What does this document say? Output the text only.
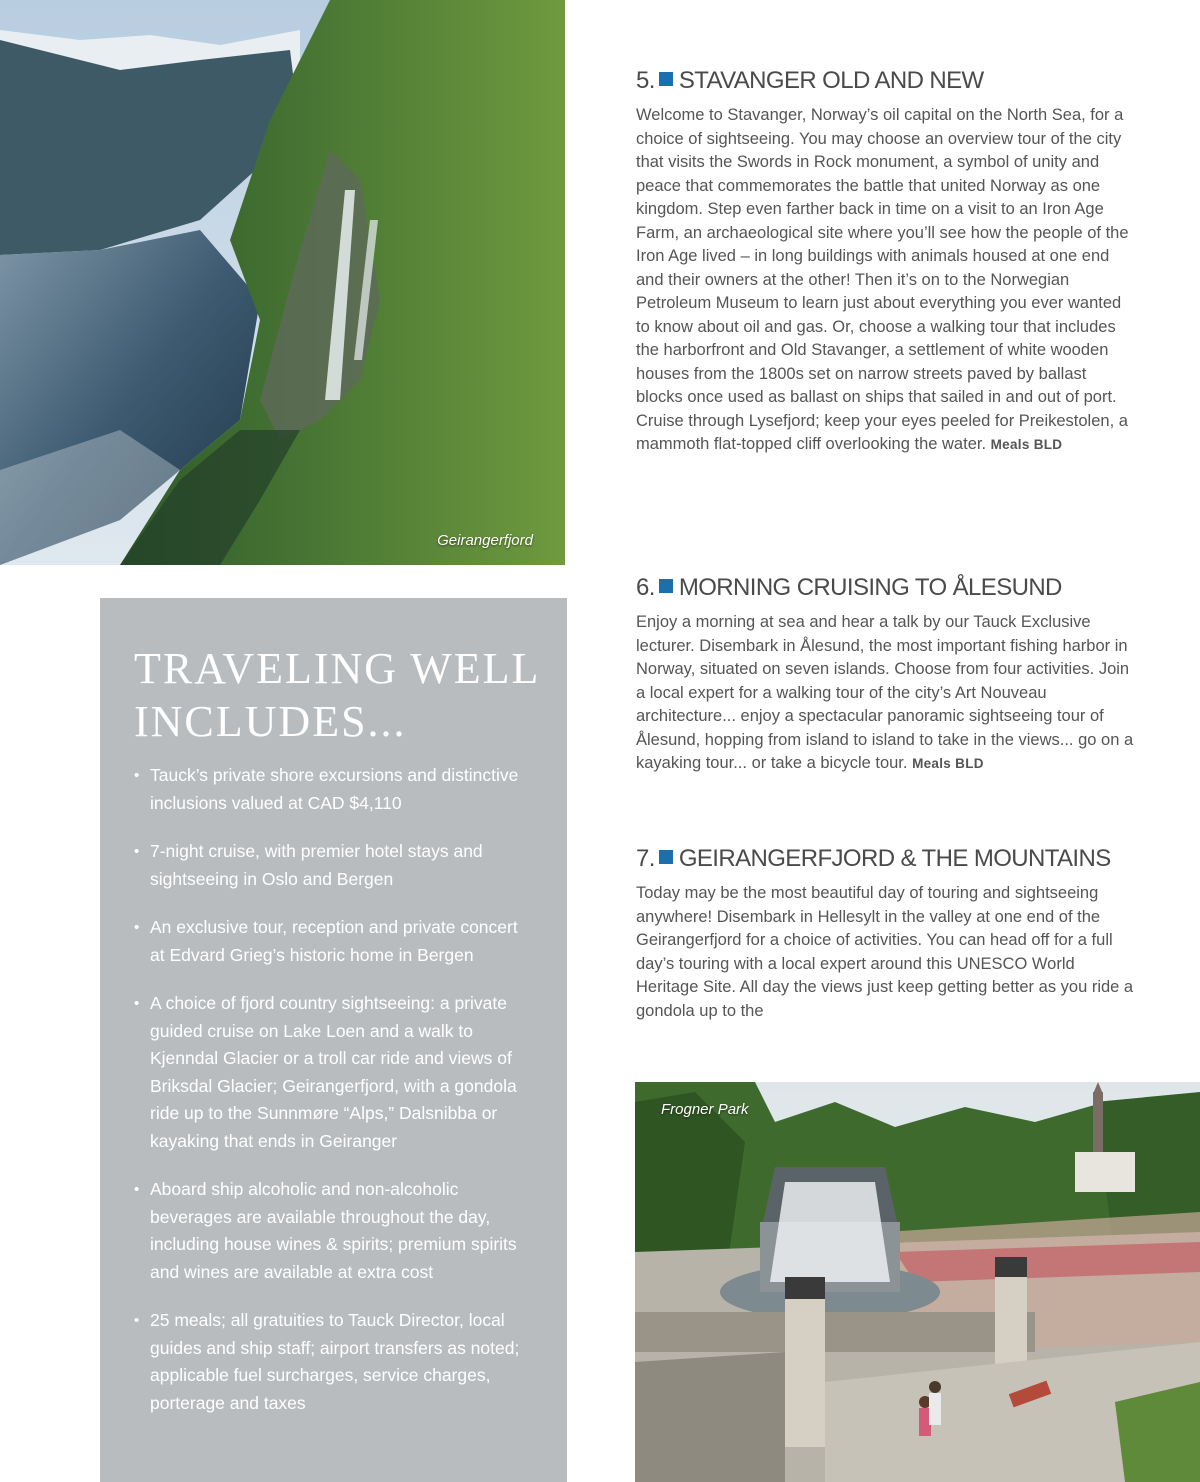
Geirangerfjord
TRAVELING WELL
INCLUDES...
• Tauck’s private shore excursions and distinctive inclusions valued at CAD $4,110
• 7-night cruise, with premier hotel stays and sightseeing in Oslo and Bergen
• An exclusive tour, reception and private concert at Edvard Grieg’s historic home in Bergen
• A choice of fjord country sightseeing: a private guided cruise on Lake Loen and a walk to Kjenndal Glacier or a troll car ride and views of Briksdal Glacier; Geirangerfjord, with a gondola ride up to the Sunnmøre “Alps,” Dalsnibba or kayaking that ends in Geiranger
• Aboard ship alcoholic and non-alcoholic beverages are available throughout the day, including house wines & spirits; premium spirits and wines are available at extra cost
• 25 meals; all gratuities to Tauck Director, local guides and ship staff; airport transfers as noted; applicable fuel surcharges, service charges, porterage and taxes
5. STAVANGER OLD AND NEW

Welcome to Stavanger, Norway’s oil capital on the North Sea, for a choice of sightseeing. You may choose an overview tour of the city that visits the Swords in Rock monument, a symbol of unity and peace that commemorates the battle that united Norway as one kingdom. Step even farther back in time on a visit to an Iron Age Farm, an archaeological site where you’ll see how the people of the Iron Age lived – in long buildings with animals housed at one end and their owners at the other! Then it’s on to the Norwegian Petroleum Museum to learn just about everything you ever wanted to know about oil and gas. Or, choose a walking tour that includes the harborfront and Old Stavanger, a settlement of white wooden houses from the 1800s set on narrow streets paved by ballast blocks once used as ballast on ships that sailed in and out of port. Cruise through Lysefjord; keep your eyes peeled for Preikestolen, a mammoth flat-topped cliff overlooking the water. Meals BLD

6. MORNING CRUISING TO ÅLESUND

Enjoy a morning at sea and hear a talk by our Tauck Exclusive lecturer. Disembark in Ålesund, the most important fishing harbor in Norway, situated on seven islands. Choose from four activities. Join a local expert for a walking tour of the city’s Art Nouveau architecture... enjoy a spectacular panoramic sightseeing tour of Ålesund, hopping from island to island to take in the views... go on a kayaking tour... or take a bicycle tour. Meals BLD

7. GEIRANGERFJORD & THE MOUNTAINS

Today may be the most beautiful day of touring and sightseeing anywhere! Disembark in Hellesylt in the valley at one end of the Geirangerfjord for a choice of activities. You can head off for a full day’s touring with a local expert around this UNESCO World Heritage Site. All day the views just keep getting better as you ride a gondola up to the

Frogner Park
